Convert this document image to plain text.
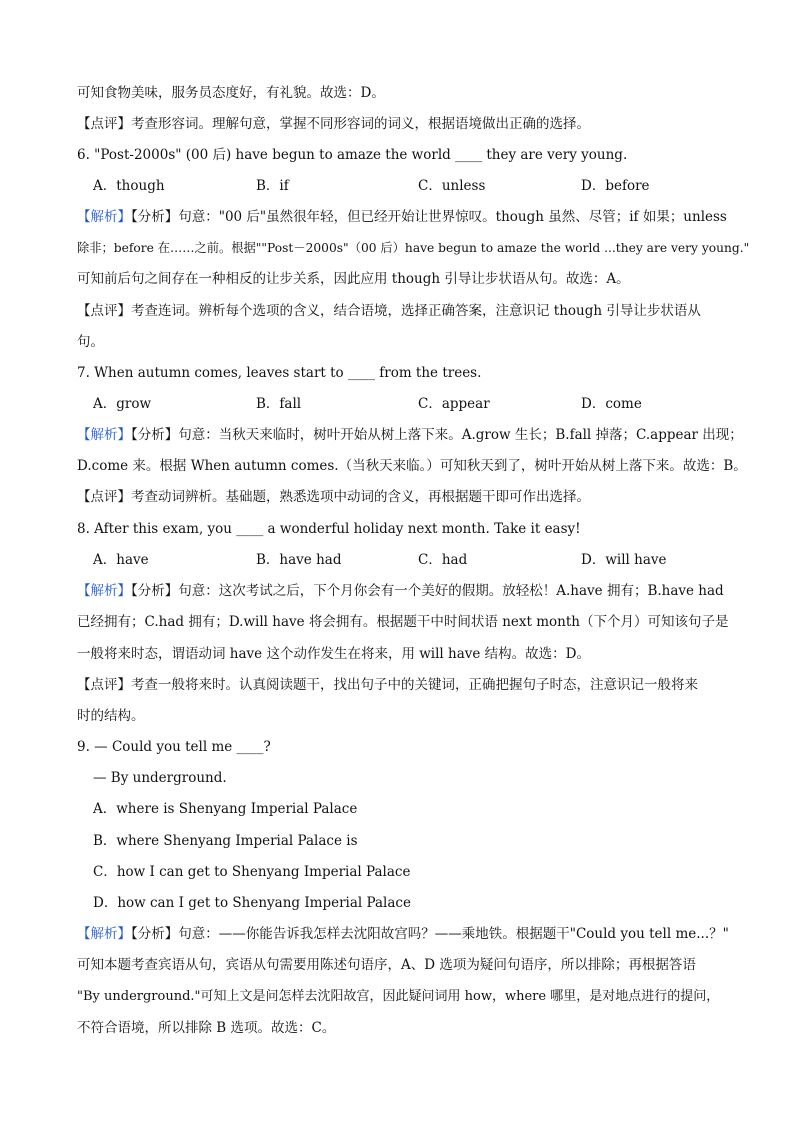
可知食物美味，服务员态度好，有礼貌。故选：D。
【点评】考查形容词。理解句意，掌握不同形容词的词义，根据语境做出正确的选择。
6. "Post-2000s" (00 后) have begun to amaze the world ____ they are very young.
A．though	B．if	C．unless	D．before
【解析】【分析】句意："00 后"虽然很年轻，但已经开始让世界惊叹。though 虽然、尽管；if 如果；unless
除非；before 在……之前。根据""Post－2000s"（00 后）have begun to amaze the world ...they are very young."
可知前后句之间存在一种相反的让步关系，因此应用 though 引导让步状语从句。故选：A。
【点评】考查连词。辨析每个选项的含义，结合语境，选择正确答案，注意识记 though 引导让步状语从
句。
7. When autumn comes, leaves start to ____ from the trees.
A．grow	B．fall	C．appear	D．come
【解析】【分析】句意：当秋天来临时，树叶开始从树上落下来。A.grow 生长；B.fall 掉落；C.appear 出现；
D.come 来。根据 When autumn comes.（当秋天来临。）可知秋天到了，树叶开始从树上落下来。故选：B。
【点评】考查动词辨析。基础题，熟悉选项中动词的含义，再根据题干即可作出选择。
8. After this exam, you ____ a wonderful holiday next month. Take it easy!
A．have	B．have had	C．had	D．will have
【解析】【分析】句意：这次考试之后，下个月你会有一个美好的假期。放轻松！A.have 拥有；B.have had
已经拥有；C.had 拥有；D.will have 将会拥有。根据题干中时间状语 next month（下个月）可知该句子是
一般将来时态，谓语动词 have 这个动作发生在将来，用 will have 结构。故选：D。
【点评】考查一般将来时。认真阅读题干，找出句子中的关键词，正确把握句子时态，注意识记一般将来
时的结构。
9. — Could you tell me ____?
— By underground.
A．where is Shenyang Imperial Palace
B．where Shenyang Imperial Palace is
C．how I can get to Shenyang Imperial Palace
D．how can I get to Shenyang Imperial Palace
【解析】【分析】句意：——你能告诉我怎样去沈阳故宫吗？——乘地铁。根据题干"Could you tell me...？"
可知本题考查宾语从句，宾语从句需要用陈述句语序，A、D 选项为疑问句语序，所以排除；再根据答语
"By underground."可知上文是问怎样去沈阳故宫，因此疑问词用 how，where 哪里，是对地点进行的提问，
不符合语境，所以排除 B 选项。故选：C。
